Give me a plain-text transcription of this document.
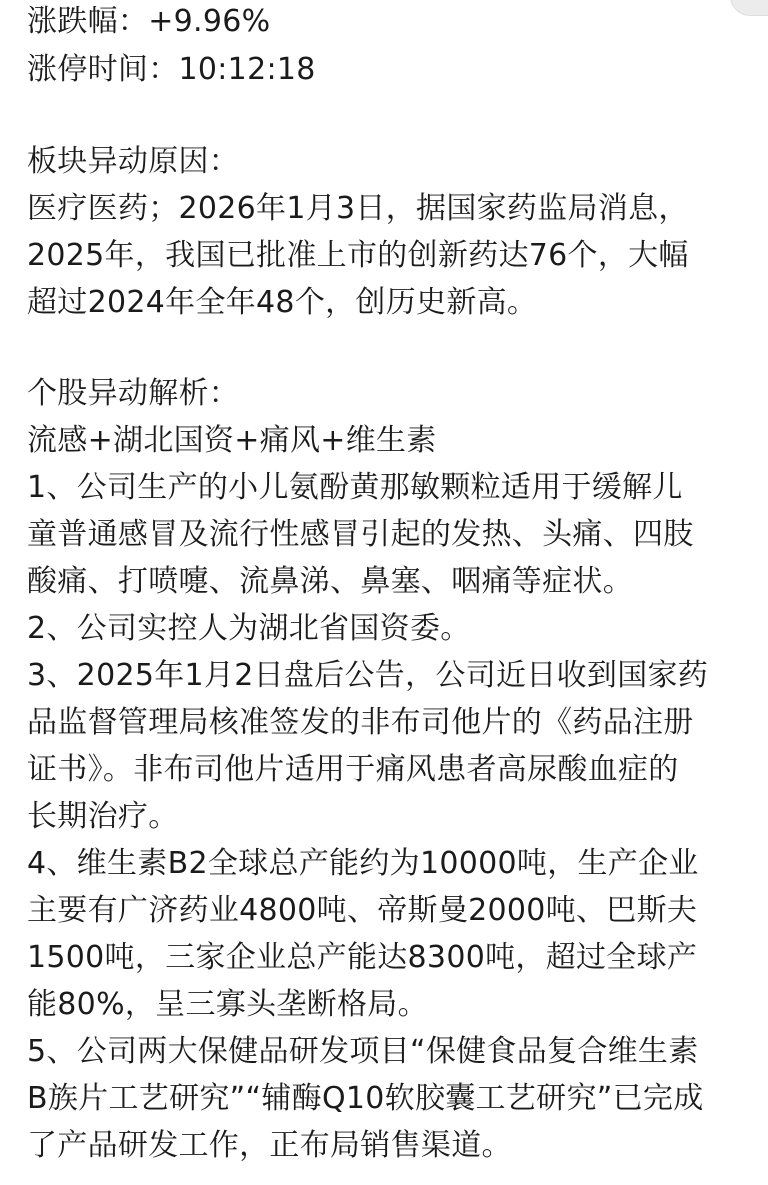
涨跌幅：+9.96%

涨停时间：10:12:18

板块异动原因：

医疗医药；2026年1月3日，据国家药监局消息，

2025年，我国已批准上市的创新药达76个，大幅

超过2024年全年48个，创历史新高。

个股异动解析：

流感+湖北国资+痛风+维生素

1、公司生产的小儿氨酚黄那敏颗粒适用于缓解儿

童普通感冒及流行性感冒引起的发热、头痛、四肢

酸痛、打喷嚏、流鼻涕、鼻塞、咽痛等症状。

2、公司实控人为湖北省国资委。

3、2025年1月2日盘后公告，公司近日收到国家药

品监督管理局核准签发的非布司他片的《药品注册

证书》。非布司他片适用于痛风患者高尿酸血症的

长期治疗。

4、维生素B2全球总产能约为10000吨，生产企业

主要有广济药业4800吨、帝斯曼2000吨、巴斯夫

1500吨，三家企业总产能达8300吨，超过全球产

能80%，呈三寡头垄断格局。

5、公司两大保健品研发项目“保健食品复合维生素

B族片工艺研究”“辅酶Q10软胶囊工艺研究”已完成

了产品研发工作，正布局销售渠道。
